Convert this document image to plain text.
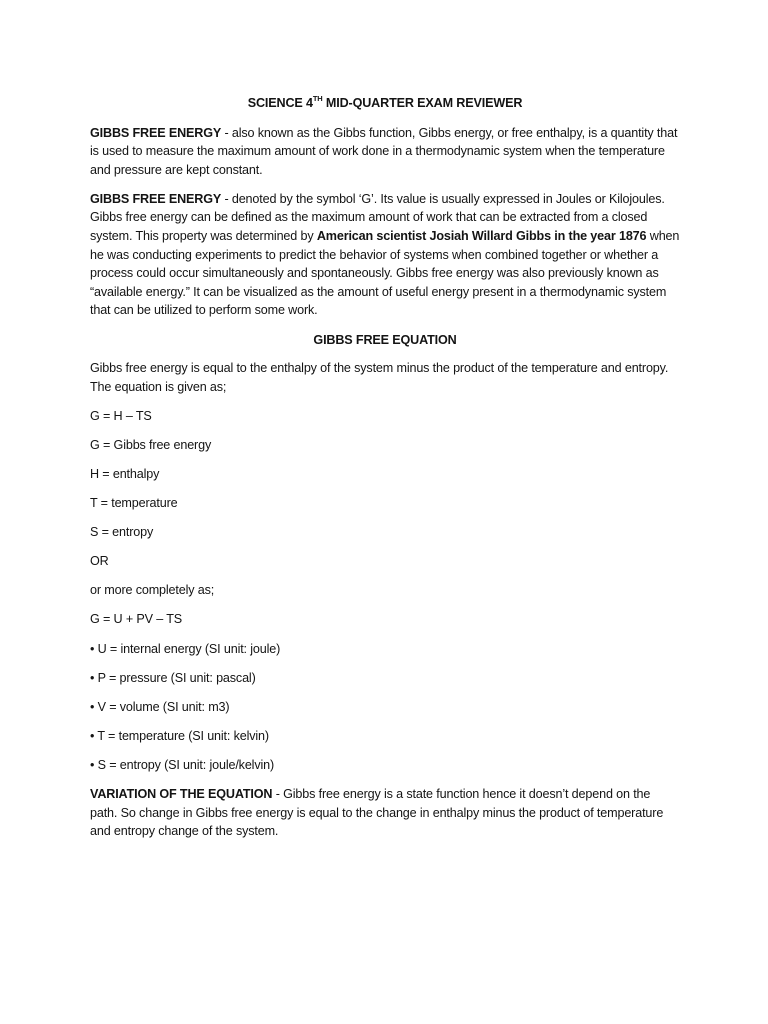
SCIENCE 4TH MID-QUARTER EXAM REVIEWER

GIBBS FREE ENERGY - also known as the Gibbs function, Gibbs energy, or free enthalpy, is a quantity that is used to measure the maximum amount of work done in a thermodynamic system when the temperature and pressure are kept constant.

GIBBS FREE ENERGY - denoted by the symbol ‘G’. Its value is usually expressed in Joules or Kilojoules. Gibbs free energy can be defined as the maximum amount of work that can be extracted from a closed system. This property was determined by American scientist Josiah Willard Gibbs in the year 1876 when he was conducting experiments to predict the behavior of systems when combined together or whether a process could occur simultaneously and spontaneously. Gibbs free energy was also previously known as “available energy.” It can be visualized as the amount of useful energy present in a thermodynamic system that can be utilized to perform some work.

GIBBS FREE EQUATION

Gibbs free energy is equal to the enthalpy of the system minus the product of the temperature and entropy. The equation is given as;

G = H – TS
G = Gibbs free energy
H = enthalpy
T = temperature
S = entropy
OR
or more completely as;
G = U + PV – TS
• U = internal energy (SI unit: joule)
• P = pressure (SI unit: pascal)
• V = volume (SI unit: m3)
• T = temperature (SI unit: kelvin)
• S = entropy (SI unit: joule/kelvin)

VARIATION OF THE EQUATION - Gibbs free energy is a state function hence it doesn’t depend on the path. So change in Gibbs free energy is equal to the change in enthalpy minus the product of temperature and entropy change of the system.
